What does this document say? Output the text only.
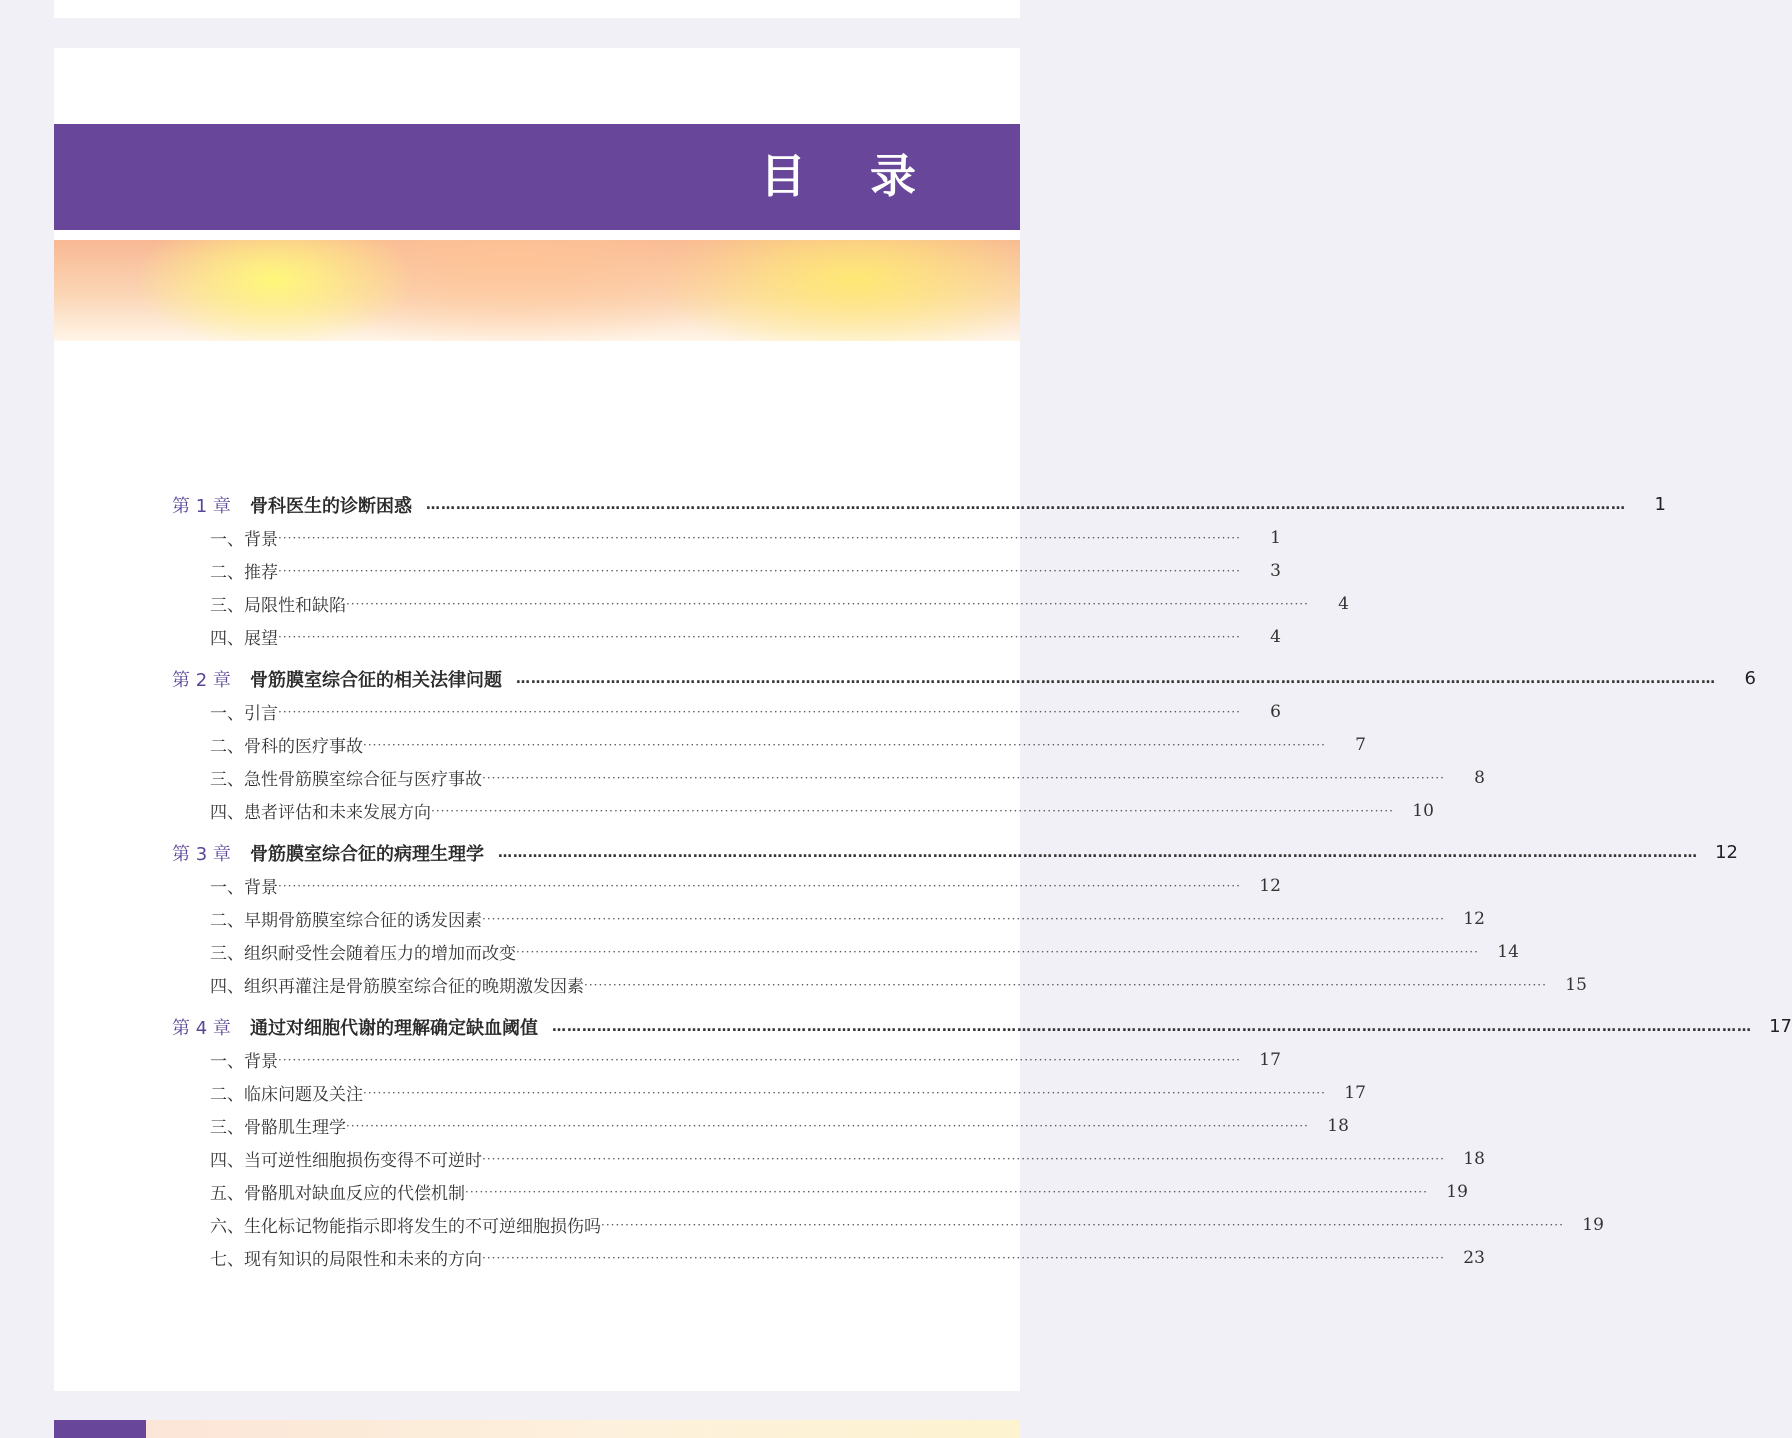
目录
第 1 章	骨科医生的诊断困惑 ……………………………………………………………………………………………………………………………………………………………………………………………………………………	1
一、背景 ········································································································································································································	1
二、推荐 ········································································································································································································	3
三、局限性和缺陷 ········································································································································································································	4
四、展望 ········································································································································································································	4
第 2 章	骨筋膜室综合征的相关法律问题 ……………………………………………………………………………………………………………………………………………………………………………………………………………………	6
一、引言 ········································································································································································································	6
二、骨科的医疗事故 ········································································································································································································	7
三、急性骨筋膜室综合征与医疗事故 ········································································································································································································	8
四、患者评估和未来发展方向 ········································································································································································································	10
第 3 章	骨筋膜室综合征的病理生理学 …………………………………………………………………………………………………………………………………………………………………………………………………………………… 12
一、背景 ········································································································································································································	12
二、早期骨筋膜室综合征的诱发因素 ········································································································································································································	12
三、组织耐受性会随着压力的增加而改变 ········································································································································································································	14
四、组织再灌注是骨筋膜室综合征的晚期激发因素 ········································································································································································································	15
第 4 章	通过对细胞代谢的理解确定缺血阈值 …………………………………………………………………………………………………………………………………………………………………………………………………………………… 17
一、背景 ········································································································································································································	17
二、临床问题及关注 ········································································································································································································	17
三、骨骼肌生理学 ········································································································································································································	18
四、当可逆性细胞损伤变得不可逆时 ········································································································································································································	18
五、骨骼肌对缺血反应的代偿机制 ········································································································································································································	19
六、生化标记物能指示即将发生的不可逆细胞损伤吗 ········································································································································································································	19
七、现有知识的局限性和未来的方向 ········································································································································································································	23
